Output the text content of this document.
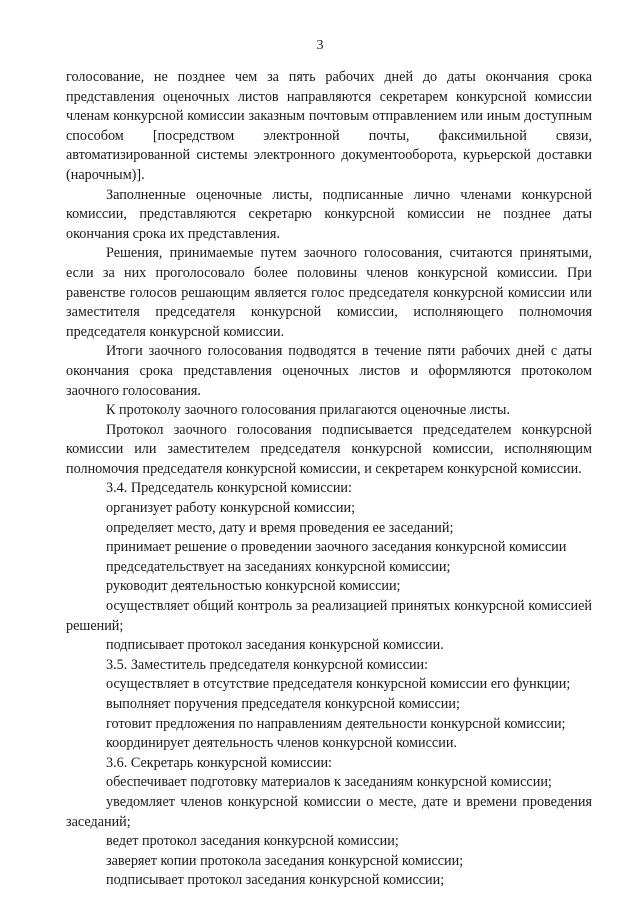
3

голосование, не позднее чем за пять рабочих дней до даты окончания срока представления оценочных листов направляются секретарем конкурсной комиссии членам конкурсной комиссии заказным почтовым отправлением или иным доступным способом [посредством электронной почты, факсимильной связи, автоматизированной системы электронного документооборота, курьерской доставки (нарочным)].

Заполненные оценочные листы, подписанные лично членами конкурсной комиссии, представляются секретарю конкурсной комиссии не позднее даты окончания срока их представления.

Решения, принимаемые путем заочного голосования, считаются принятыми, если за них проголосовало более половины членов конкурсной комиссии. При равенстве голосов решающим является голос председателя конкурсной комиссии или заместителя председателя конкурсной комиссии, исполняющего полномочия председателя конкурсной комиссии.

Итоги заочного голосования подводятся в течение пяти рабочих дней с даты окончания срока представления оценочных листов и оформляются протоколом заочного голосования.

К протоколу заочного голосования прилагаются оценочные листы.

Протокол заочного голосования подписывается председателем конкурсной комиссии или заместителем председателя конкурсной комиссии, исполняющим полномочия председателя конкурсной комиссии, и секретарем конкурсной комиссии.

3.4. Председатель конкурсной комиссии:

организует работу конкурсной комиссии;

определяет место, дату и время проведения ее заседаний;

принимает решение о проведении заочного заседания конкурсной комиссии

председательствует на заседаниях конкурсной комиссии;

руководит деятельностью конкурсной комиссии;

осуществляет общий контроль за реализацией принятых конкурсной комиссией решений;

подписывает протокол заседания конкурсной комиссии.

3.5. Заместитель председателя конкурсной комиссии:

осуществляет в отсутствие председателя конкурсной комиссии его функции;

выполняет поручения председателя конкурсной комиссии;

готовит предложения по направлениям деятельности конкурсной комиссии;

координирует деятельность членов конкурсной комиссии.

3.6. Секретарь конкурсной комиссии:

обеспечивает подготовку материалов к заседаниям конкурсной комиссии;

уведомляет членов конкурсной комиссии о месте, дате и времени проведения заседаний;

ведет протокол заседания конкурсной комиссии;

заверяет копии протокола заседания конкурсной комиссии;

подписывает протокол заседания конкурсной комиссии;
